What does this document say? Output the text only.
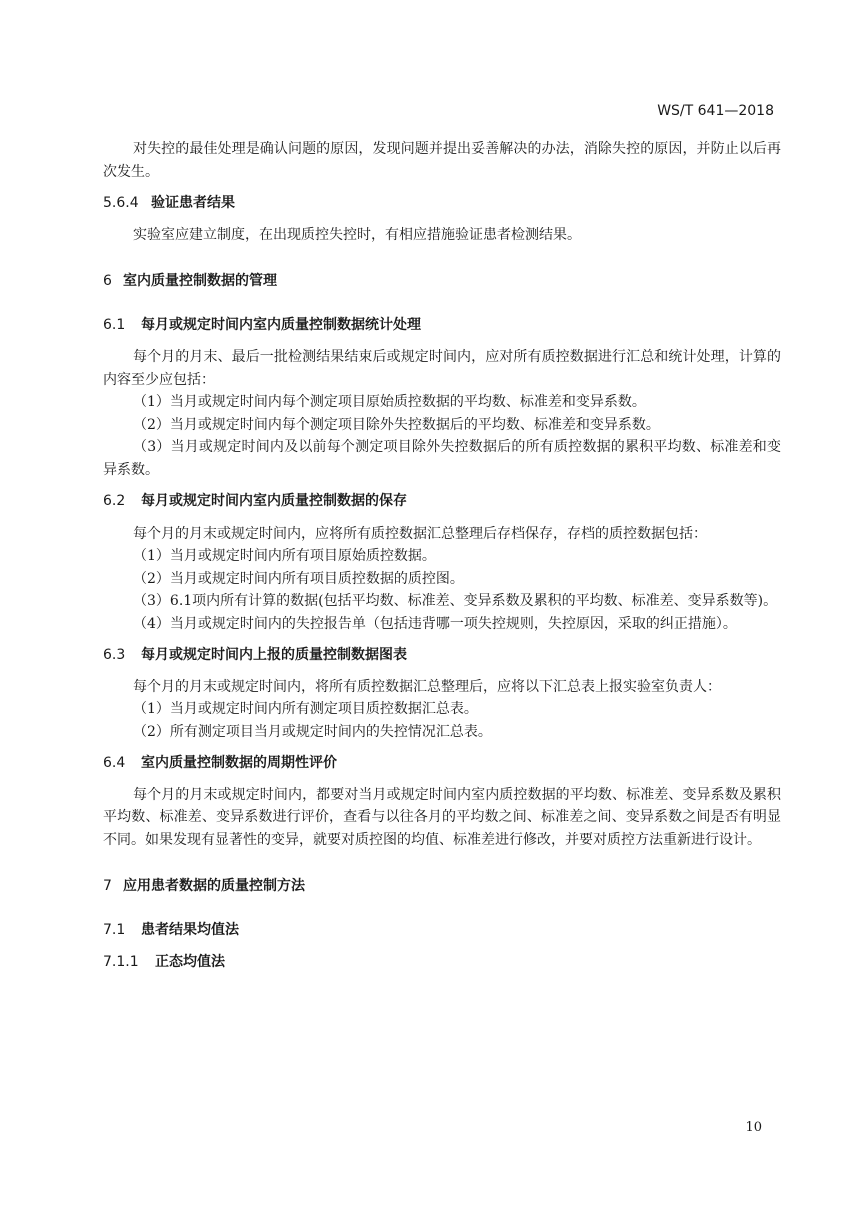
WS/T 641—2018

对失控的最佳处理是确认问题的原因，发现问题并提出妥善解决的办法，消除失控的原因，并防止以后再次发生。

5.6.4 验证患者结果

实验室应建立制度，在出现质控失控时，有相应措施验证患者检测结果。

6 室内质量控制数据的管理
6.1 每月或规定时间内室内质量控制数据统计处理

每个月的月末、最后一批检测结果结束后或规定时间内，应对所有质控数据进行汇总和统计处理，计算的内容至少应包括：

（1）当月或规定时间内每个测定项目原始质控数据的平均数、标准差和变异系数。

（2）当月或规定时间内每个测定项目除外失控数据后的平均数、标准差和变异系数。

（3）当月或规定时间内及以前每个测定项目除外失控数据后的所有质控数据的累积平均数、标准差和变异系数。

6.2 每月或规定时间内室内质量控制数据的保存

每个月的月末或规定时间内，应将所有质控数据汇总整理后存档保存，存档的质控数据包括：

（1）当月或规定时间内所有项目原始质控数据。

（2）当月或规定时间内所有项目质控数据的质控图。

（3）6.1项内所有计算的数据(包括平均数、标准差、变异系数及累积的平均数、标准差、变异系数等)。

（4）当月或规定时间内的失控报告单（包括违背哪一项失控规则，失控原因，采取的纠正措施）。

6.3 每月或规定时间内上报的质量控制数据图表

每个月的月末或规定时间内，将所有质控数据汇总整理后，应将以下汇总表上报实验室负责人：

（1）当月或规定时间内所有测定项目质控数据汇总表。

（2）所有测定项目当月或规定时间内的失控情况汇总表。

6.4 室内质量控制数据的周期性评价

每个月的月末或规定时间内，都要对当月或规定时间内室内质控数据的平均数、标准差、变异系数及累积平均数、标准差、变异系数进行评价，查看与以往各月的平均数之间、标准差之间、变异系数之间是否有明显不同。如果发现有显著性的变异，就要对质控图的均值、标准差进行修改，并要对质控方法重新进行设计。

7 应用患者数据的质量控制方法
7.1 患者结果均值法
7.1.1 正态均值法
10
